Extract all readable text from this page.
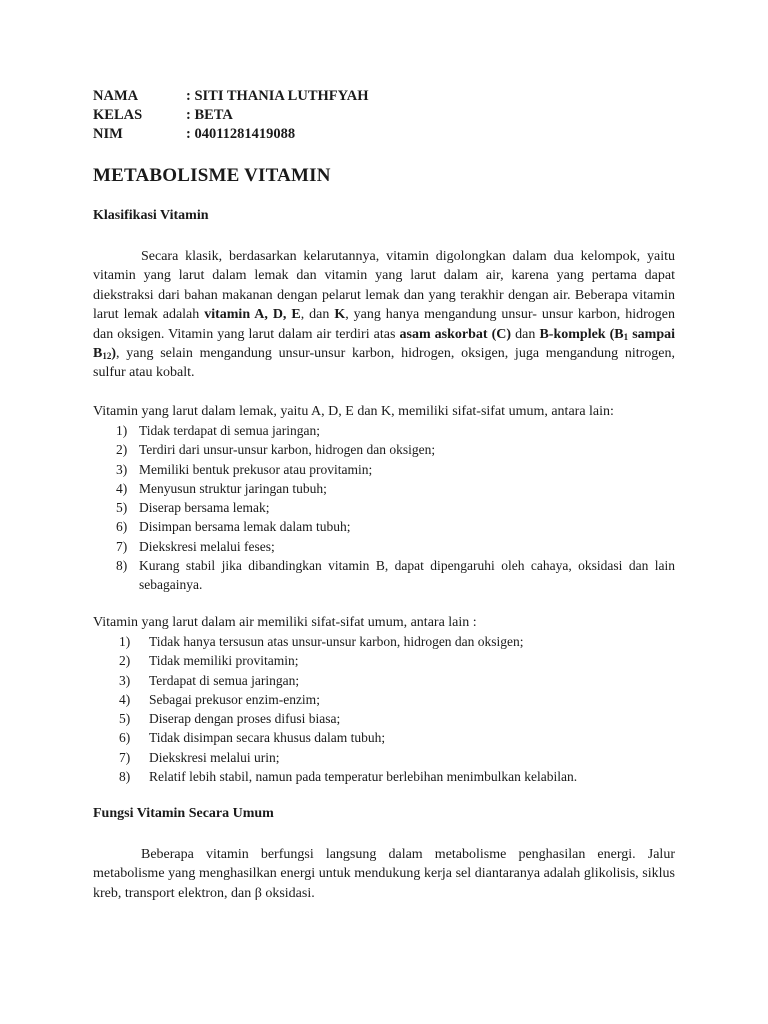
NAMA	: SITI THANIA LUTHFYAH
KELAS	: BETA
NIM	: 04011281419088
METABOLISME VITAMIN
Klasifikasi Vitamin

Secara klasik, berdasarkan kelarutannya, vitamin digolongkan dalam dua kelompok, yaitu vitamin yang larut dalam lemak dan vitamin yang larut dalam air, karena yang pertama dapat diekstraksi dari bahan makanan dengan pelarut lemak dan yang terakhir dengan air. Beberapa vitamin larut lemak adalah vitamin A, D, E, dan K, yang hanya mengandung unsur- unsur karbon, hidrogen dan oksigen. Vitamin yang larut dalam air terdiri atas asam askorbat (C) dan B-komplek ($B_1$ sampai $B_{12}$), yang selain mengandung unsur-unsur karbon, hidrogen, oksigen, juga mengandung nitrogen, sulfur atau kobalt.

Vitamin yang larut dalam lemak, yaitu A, D, E dan K, memiliki sifat-sifat umum, antara lain:

1) Tidak terdapat di semua jaringan;
2) Terdiri dari unsur-unsur karbon, hidrogen dan oksigen;
3) Memiliki bentuk prekusor atau provitamin;
4) Menyusun struktur jaringan tubuh;
5) Diserap bersama lemak;
6) Disimpan bersama lemak dalam tubuh;
7) Diekskresi melalui feses;
8) Kurang stabil jika dibandingkan vitamin B, dapat dipengaruhi oleh cahaya, oksidasi dan lain sebagainya.

Vitamin yang larut dalam air memiliki sifat-sifat umum, antara lain :

1)	Tidak hanya tersusun atas unsur-unsur karbon, hidrogen dan oksigen;
2)	Tidak memiliki provitamin;
3)	Terdapat di semua jaringan;
4)	Sebagai prekusor enzim-enzim;
5)	Diserap dengan proses difusi biasa;
6)	Tidak disimpan secara khusus dalam tubuh;
7)	Diekskresi melalui urin;
8)	Relatif lebih stabil, namun pada temperatur berlebihan menimbulkan kelabilan.
Fungsi Vitamin Secara Umum

Beberapa vitamin berfungsi langsung dalam metabolisme penghasilan energi. Jalur metabolisme yang menghasilkan energi untuk mendukung kerja sel diantaranya adalah glikolisis, siklus kreb, transport elektron, dan β oksidasi.
